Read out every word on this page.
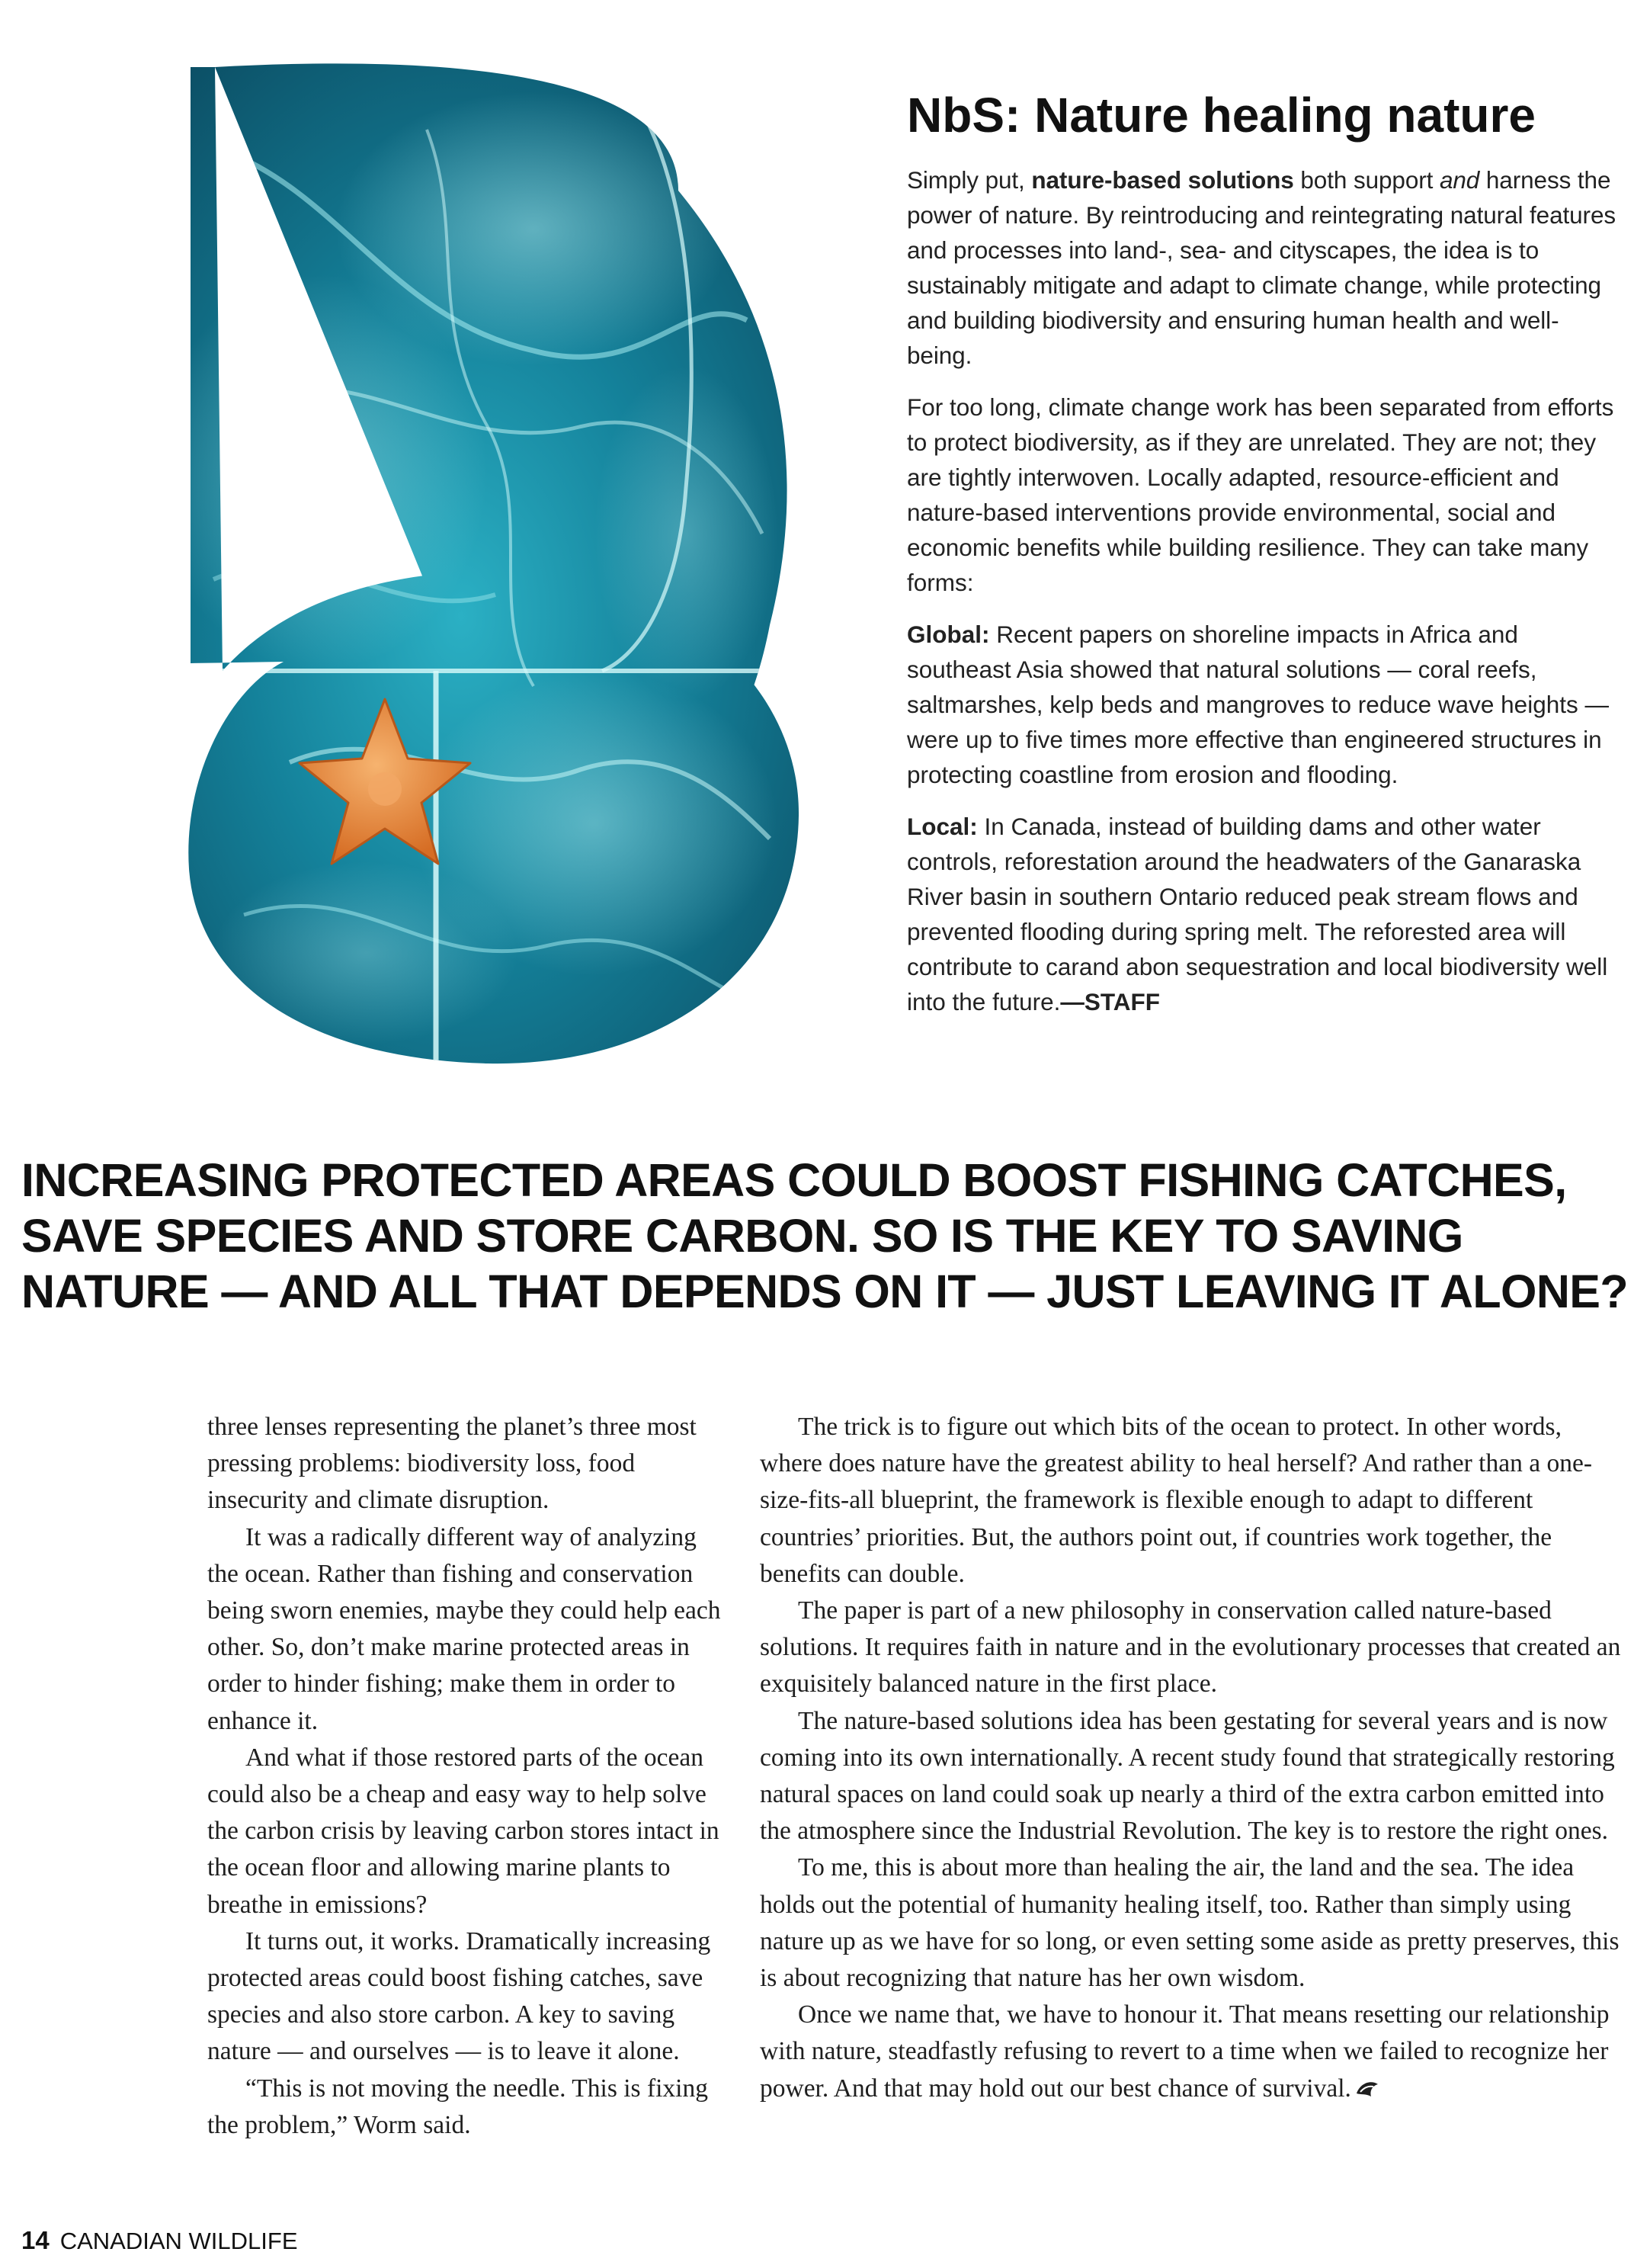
NbS: Nature healing nature

Simply put, nature-based solutions both support and harness the power of nature. By reintroducing and reintegrating natural features and processes into land-, sea- and cityscapes, the idea is to sustainably mitigate and adapt to climate change, while protecting and building biodiversity and ensuring human health and well-being.

For too long, climate change work has been separated from efforts to protect biodiversity, as if they are unrelated. They are not; they are tightly interwoven. Locally adapted, resource-efficient and nature-based interventions provide environmental, social and economic benefits while building resilience. They can take many forms:

Global: Recent papers on shoreline impacts in Africa and southeast Asia showed that natural solutions — coral reefs, saltmarshes, kelp beds and mangroves to reduce wave heights — were up to five times more effective than engineered structures in protecting coastline from erosion and flooding.

Local: In Canada, instead of building dams and other water controls, reforestation around the headwaters of the Ganaraska River basin in southern Ontario reduced peak stream flows and prevented flooding during spring melt. The reforested area will contribute to carand abon sequestration and local biodiversity well into the future.—STAFF

INCREASING PROTECTED AREAS COULD BOOST FISHING CATCHES,
SAVE SPECIES AND STORE CARBON. SO IS THE KEY TO SAVING
NATURE — AND ALL THAT DEPENDS ON IT — JUST LEAVING IT ALONE?

three lenses representing the planet’s three most pressing problems: biodiversity loss, food insecurity and climate disruption.

It was a radically different way of analyzing the ocean. Rather than fishing and conservation being sworn enemies, maybe they could help each other. So, don’t make marine protected areas in order to hinder fishing; make them in order to enhance it.

And what if those restored parts of the ocean could also be a cheap and easy way to help solve the carbon crisis by leaving carbon stores intact in the ocean floor and allowing marine plants to breathe in emissions?

It turns out, it works. Dramatically increasing protected areas could boost fishing catches, save species and also store carbon. A key to saving nature — and ourselves — is to leave it alone.

“This is not moving the needle. This is fixing the problem,” Worm said.

The trick is to figure out which bits of the ocean to protect. In other words, where does nature have the greatest ability to heal herself? And rather than a one-size-fits-all blueprint, the framework is flexible enough to adapt to different countries’ priorities. But, the authors point out, if countries work together, the benefits can double.

The paper is part of a new philosophy in conservation called nature-based solutions. It requires faith in nature and in the evolutionary processes that created an exquisitely balanced nature in the first place.

The nature-based solutions idea has been gestating for several years and is now coming into its own internationally. A recent study found that strategically restoring natural spaces on land could soak up nearly a third of the extra carbon emitted into the atmosphere since the Industrial Revolution. The key is to restore the right ones.

To me, this is about more than healing the air, the land and the sea. The idea holds out the potential of humanity healing itself, too. Rather than simply using nature up as we have for so long, or even setting some aside as pretty preserves, this is about recognizing that nature has her own wisdom.

Once we name that, we have to honour it. That means resetting our relationship with nature, steadfastly refusing to revert to a time when we failed to recognize her power. And that may hold out our best chance of survival.

14 CANADIAN WILDLIFE
